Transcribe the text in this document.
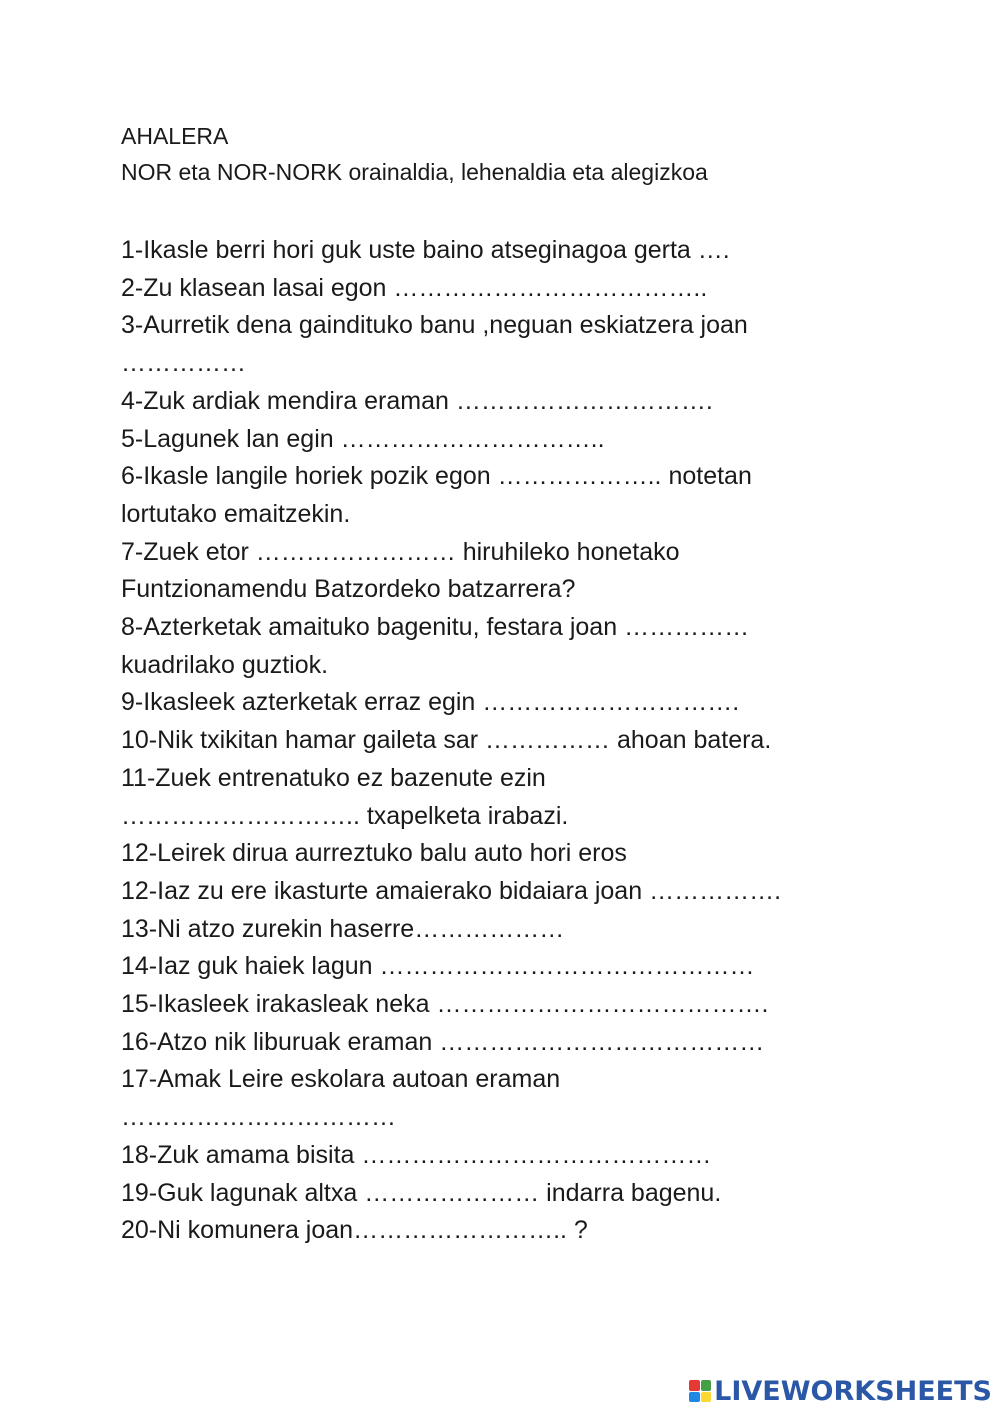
AHALERA
NOR eta NOR-NORK orainaldia, lehenaldia eta alegizkoa
1-Ikasle berri hori guk uste baino atseginagoa gerta ….
2-Zu klasean lasai egon ………………………………..
3-Aurretik dena gaindituko banu ,neguan eskiatzera joan
……………
4-Zuk ardiak mendira eraman ………………………….
5-Lagunek lan egin …………………………..
6-Ikasle langile horiek pozik egon ……………….. notetan
lortutako emaitzekin.
7-Zuek etor …………………… hiruhileko honetako
Funtzionamendu Batzordeko batzarrera?
8-Azterketak amaituko bagenitu, festara joan ……………
kuadrilako guztiok.
9-Ikasleek azterketak erraz egin ………………………….
10-Nik txikitan hamar gaileta sar …………… ahoan batera.
11-Zuek entrenatuko ez bazenute ezin
……………………….. txapelketa irabazi.
12-Leirek dirua aurreztuko balu auto hori eros
12-Iaz zu ere ikasturte amaierako bidaiara joan …………….
13-Ni atzo zurekin haserre………………
14-Iaz guk haiek lagun ………………………………………
15-Ikasleek irakasleak neka ………………………………….
16-Atzo nik liburuak eraman …………………………………
17-Amak Leire eskolara autoan eraman
……………………………
18-Zuk amama bisita ……………………………………
19-Guk lagunak altxa ………………… indarra bagenu.
20-Ni komunera joan…………………….. ?
LIVEWORKSHEETS
